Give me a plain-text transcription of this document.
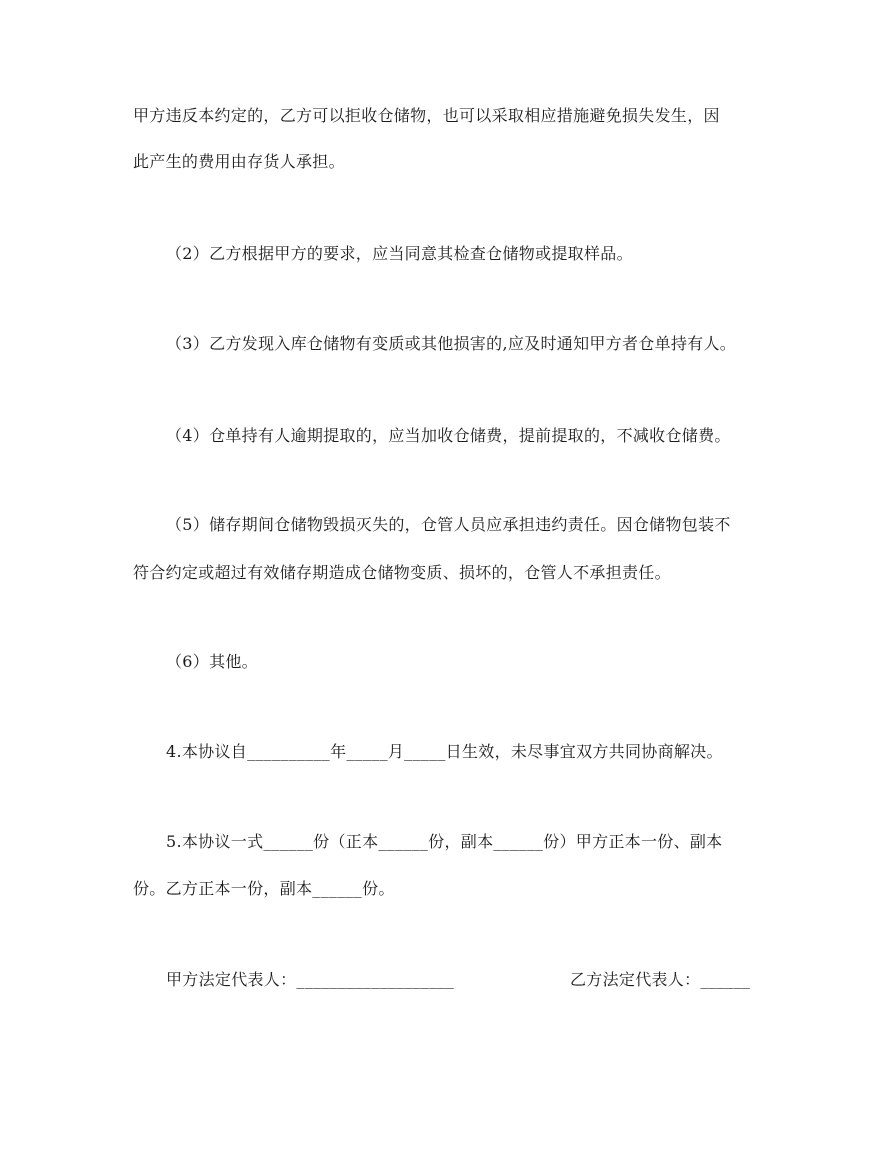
甲方违反本约定的，乙方可以拒收仓储物，也可以采取相应措施避免损失发生，因
此产生的费用由存货人承担。
（2）乙方根据甲方的要求，应当同意其检查仓储物或提取样品。
（3）乙方发现入库仓储物有变质或其他损害的,应及时通知甲方者仓单持有人。
（4）仓单持有人逾期提取的，应当加收仓储费，提前提取的，不减收仓储费。
（5）储存期间仓储物毁损灭失的，仓管人员应承担违约责任。因仓储物包装不
符合约定或超过有效储存期造成仓储物变质、损坏的，仓管人不承担责任。
（6）其他。
4.本协议自__________年_____月_____日生效，未尽事宜双方共同协商解决。
5.本协议一式______份（正本______份，副本______份）甲方正本一份、副本
份。乙方正本一份，副本______份。
甲方法定代表人：___________________	乙方法定代表人：______
